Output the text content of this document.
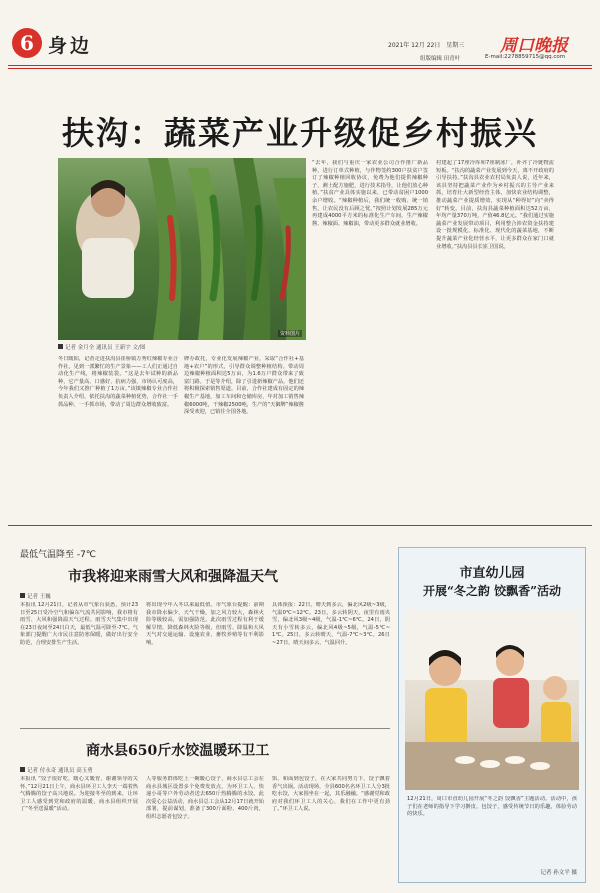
6 身边	2021年 12月 22日 星期三 周口晚报
组版编辑 田青叶	E-mail:2278859715@qq.com
扶沟：蔬菜产业升级促乡村振兴
资料图片
记者 金月全 通讯员 王新宇 文/图
冬日暖阳，记者走进扶沟县崔桥镇万秀红辣椒专业合作社。见到一派繁忙的生产景象——工人们正通过自动化生产线，将辣椒装袋。“这是去年试种的新品种，它产量高、口感好、抗病力强，市场认可度高，今年我们又推广种植了1万亩。”该镇辣椒专业合作社负责人介绍，依托扶沟的蔬菜种植优势，合作社一手抓品种、一手抓市场，带动了周边群众增收致富。
牌办政托，专业化发展辣椒产业，采取“合作社+基地+农户”的形式，引导群众调整种植结构。带动周边辣椒种植面积达5万亩，为1.6万户群众带来了致富门路。于是等介绍，除了引进新辣椒产品，他们还将积极探索销售渠道。目前，合作社建成有固定的辣椒生产基地，加工车间和仓储库房，年对加工销售辣椒6000吨，干辣椒2500吨，生产的“天御牌”辣椒酱深受欢迎，已销往全国各地。
“去年，我们与重庆一家农业公司合作推广新品种，进行订单式种植，与作物签约300户扶贫户签订了辣椒种植回收协议，免费为他们提供辣椒种子，测土配方施肥，进行技术指导，让他们放心种植。”扶贫产业具体实施以来，已带动贫困户1000余户增收。“辣椒种植后，我们统一收购、统一销售，让农民没有后顾之忧。”按照计划发展285万元再建成4000平方米的标准化生产车间，生产辣椒酱、辣椒面、辣椒油，带动更多群众就业增收。
村建起了17座冷库和7座制冰厂，补齐了冷链物流短板。“扶沟的蔬菜产业发展到今天，离不开政府的引导扶持。”扶沟县农业农村局负责人说，近年来，该县坚持把蔬菜产业作为乡村振兴的主导产业来抓，培育壮大新型经营主体，加快农业结构调整，推动蔬菜产业提质增效，实现从“种得好”向“卖得好”转变。目前，扶沟县蔬菜种植面积达52万亩，年均产量370万吨，产值46.8亿元。“我们通过实施蔬菜产业发展带动项目，利用整合涉农资金扶持建设一批规模化、标准化、现代化的蔬菜基地，不断提升蔬菜产业化经营水平，让更多群众在家门口就业增收。”扶沟县县长崔卫国说。
最低气温降至 -7℃
市我将迎来雨雪大风和强降温天气
记者 王巍
本报讯 12月21日，记者从市气象台获悉，预计23日至25日受冷空气和偏东气流共同影响，我市将有雨雪、大风和强降温天气过程。雨雪天气集中出现在23日夜间至24日白天，最低气温可降至-7℃。气象部门提醒广大市民注意防寒保暖，做好出行安全防范，合理安排生产生活。
将出现今年入冬以来最低值。市气象台提醒：前期我市降水偏少，天气干燥，加之风力较大，森林火险等级较高，需加强防范。此次雨雪过程有利于缓解旱情，降低森林火险等级，但雨雪、降温和大风天气对交通运输、设施农业、畜牧养殖等有不利影响。
具体预报：22日，晴天到多云，偏北风2级~3级，气温0℃~12℃。23日，多云转阴天，夜里有雨夹雪，偏北风3级~4级，气温-1℃~6℃。24日，阴天有小雪转多云，偏北风4级~5级，气温-5℃~1℃。25日，多云转晴天，气温-7℃~3℃。26日~27日，晴天间多云，气温回升。
商水县650斤水饺温暖环卫工
记者 付永奇 通讯员 高玉勇
本报讯 “饺子很好吃，暖心又暖胃，谢谢领导的关怀。”12月21日上午，商水县环卫工人李天一端着热气腾腾的饺子高兴地说。为迎接冬至的到来，让环卫工人感受到党和政府的温暖，商水县组织开展了“冬至送温暖”活动。
人等服务群体吃上一碗暖心饺子，商水县总工会在商水县城区设置多个免费发放点，为环卫工人、快递小哥等户外劳动者送去650斤热腾腾的水饺。此次爱心公益活动，商水县总工会从12月17日就开始部署，提前谋划，准备了300斤面粉、400斤肉，组织志愿者包饺子。
馅、和面到包饺子，在大家共同努力下，饺子飘着香气出锅。活动现场，全县600名名环卫工人分3批吃水饺，大家围坐在一起，其乐融融。“感谢党和政府对我们环卫工人的关心，我们在工作中更有劲了。”环卫工人说。
市直幼儿园
开展“冬之韵 饺飘香”活动
12月21日，周口市直幼儿园开展“冬之韵 饺飘香”主题活动。活动中，孩子们在老师的指导下学习擀皮、包饺子，感受传统节日的乐趣，体验劳动的快乐。
记者 孙文平 摄
